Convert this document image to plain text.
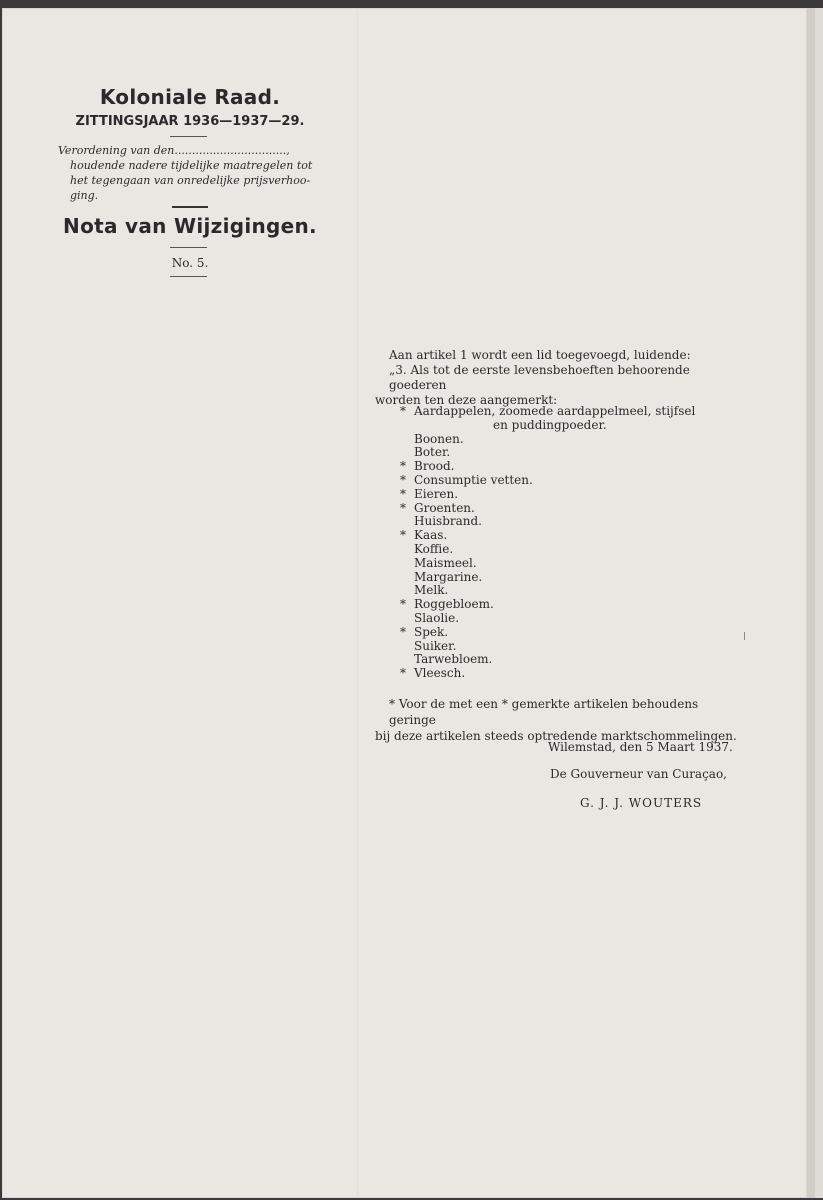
Koloniale Raad.
ZITTINGSJAAR 1936—1937—29.
Verordening van den................................,
houdende nadere tijdelijke maatregelen tot
het tegengaan van onredelijke prijsverhoo-
ging.
Nota van Wijzigingen.
No. 5.
Aan artikel 1 wordt een lid toegevoegd, luidende:
„3. Als tot de eerste levensbehoeften behoorende goederen
worden ten deze aangemerkt:
Aardappelen, zoomede aardappelmeel, stijfsel
*
en puddingpoeder.
Boonen.
Boter.
Brood.
*
Consumptie vetten.
*
Eieren.
*
Groenten.
*
Huisbrand.
Kaas.
*
Koffie.
Maismeel.
Margarine.
Melk.
Roggebloem.
*
Slaolie.
Spek.
*
Suiker.
Tarwebloem.
Vleesch.
*
* Voor de met een * gemerkte artikelen behoudens geringe
bij deze artikelen steeds optredende marktschommelingen.
Wilemstad, den 5 Maart 1937.
De Gouverneur van Curaçao,
G. J. J. WOUTERS
